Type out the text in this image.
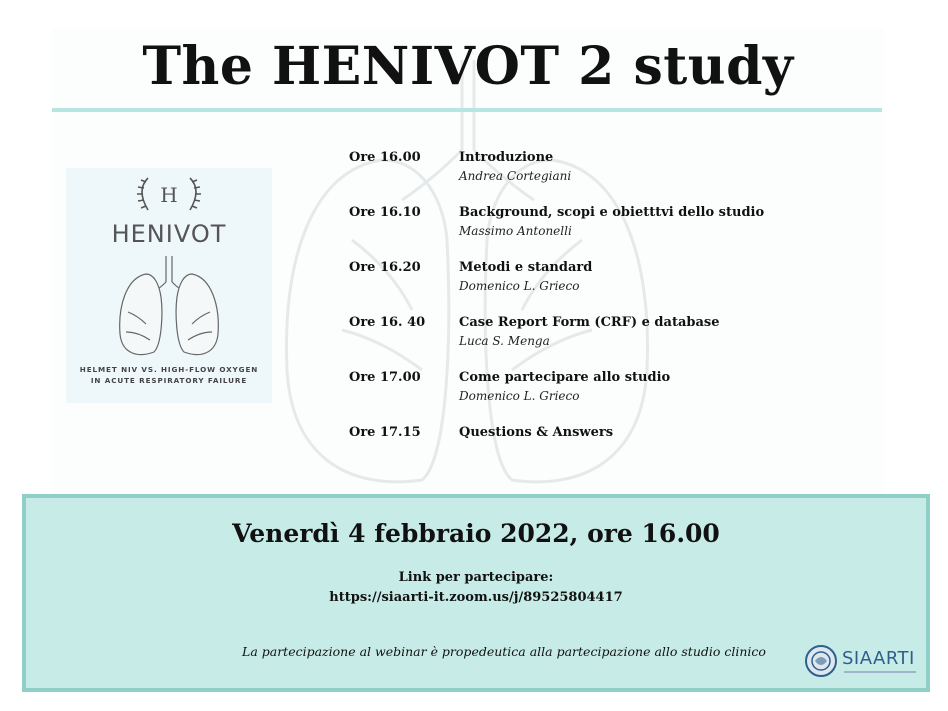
The HENIVOT 2 study
H
HENIVOT
HELMET NIV VS. HIGH-FLOW OXYGEN
IN ACUTE RESPIRATORY FAILURE
Ore 16.00	Introduzione
Andrea Cortegiani
Ore 16.10	Background, scopi e obietttvi dello studio
Massimo Antonelli
Ore 16.20	Metodi e standard
Domenico L. Grieco
Ore 16. 40	Case Report Form (CRF) e database
Luca S. Menga
Ore 17.00	Come partecipare allo studio
Domenico L. Grieco
Ore 17.15	Questions & Answers
Venerdì 4 febbraio 2022, ore 16.00
Link per partecipare:
https://siaarti-it.zoom.us/j/89525804417
La partecipazione al webinar è propedeutica alla partecipazione allo studio clinico	SIAARTI
